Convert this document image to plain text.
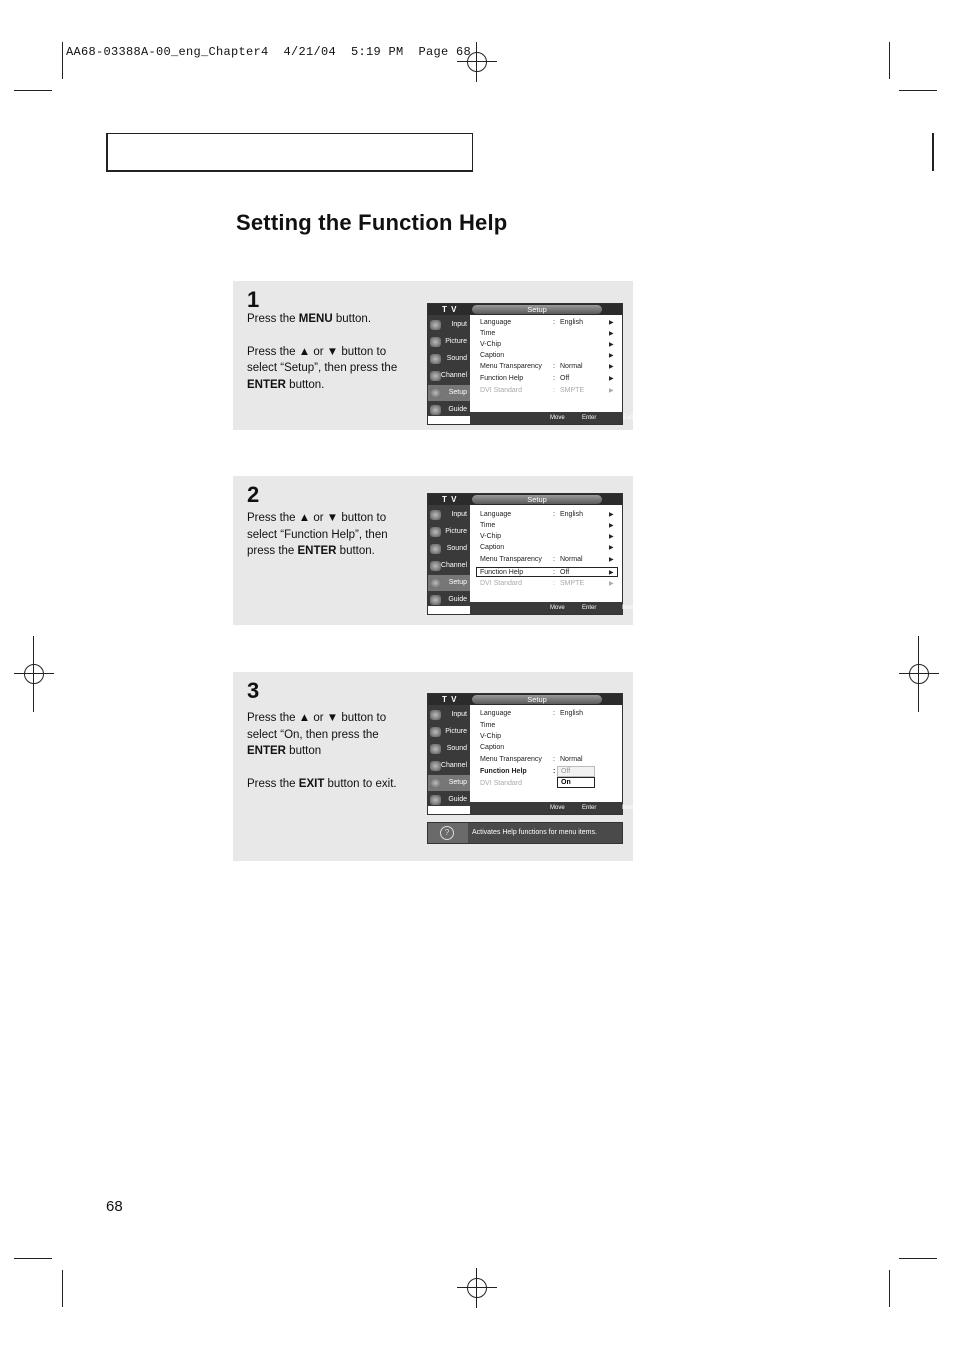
AA68-03388A-00_eng_Chapter4  4/21/04  5:19 PM  Page 68
Setting the Function Help
1

Press the MENU button.

Press the ▲ or ▼ button to select “Setup”, then press the ENTER button.

T V	Setup
Input
Picture
Sound
Channel
Setup
Guide
Language	: English	▶
Time	▶
V-Chip	▶
Caption	▶
Menu Transparency : Normal	▶
Function Help	: Off	▶
DVI Standard	: SMPTE	▶
Move	Enter	Exit
2

Press the ▲ or ▼ button to select “Function Help”, then press the ENTER button.

T V	Setup
Input
Picture
Sound
Channel
Setup
Guide
Language	: English	▶
Time	▶
V-Chip	▶
Caption	▶
Menu Transparency : Normal	▶
Function Help	: Off	▶
DVI Standard	: SMPTE	▶
Move	Enter	Return
3

Press the ▲ or ▼ button to select “On, then press the ENTER button

Press the EXIT button to exit.

T V	Setup
Input
Picture
Sound
Channel
Setup
Guide
Language	: English
Time
V-Chip
Caption
Menu Transparency : Normal
Function Help	: Off
On
DVI Standard
Move	Enter	Return
?	Activates Help functions for menu items.
68
